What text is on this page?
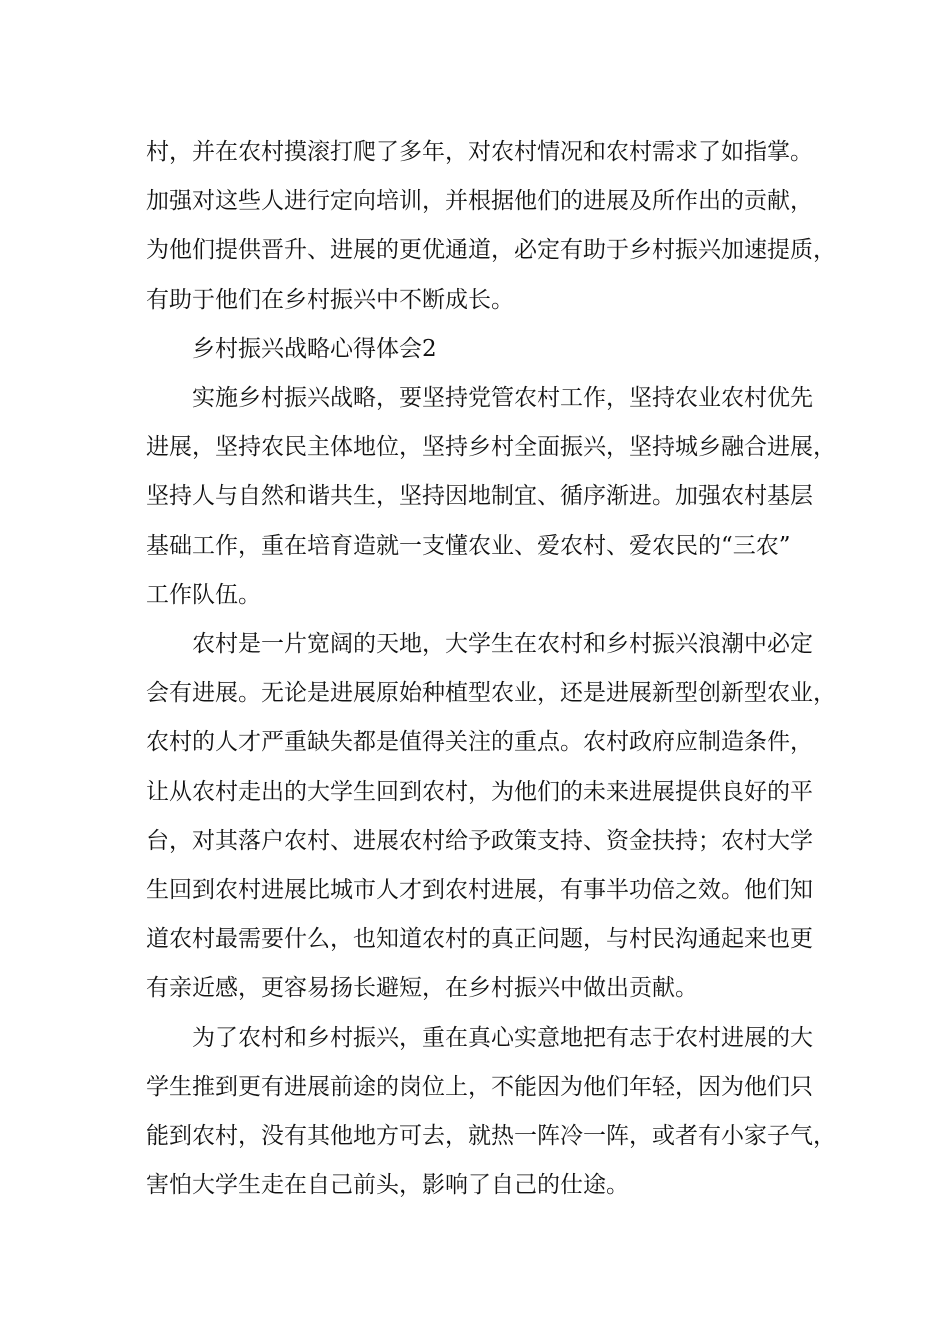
村，并在农村摸滚打爬了多年，对农村情况和农村需求了如指掌。
加强对这些人进行定向培训，并根据他们的进展及所作出的贡献，
为他们提供晋升、进展的更优通道，必定有助于乡村振兴加速提质，
有助于他们在乡村振兴中不断成长。

乡村振兴战略心得体会2

实施乡村振兴战略，要坚持党管农村工作，坚持农业农村优先
进展，坚持农民主体地位，坚持乡村全面振兴，坚持城乡融合进展，
坚持人与自然和谐共生，坚持因地制宜、循序渐进。加强农村基层
基础工作，重在培育造就一支懂农业、爱农村、爱农民的“三农”
工作队伍。

农村是一片宽阔的天地，大学生在农村和乡村振兴浪潮中必定
会有进展。无论是进展原始种植型农业，还是进展新型创新型农业，
农村的人才严重缺失都是值得关注的重点。农村政府应制造条件，
让从农村走出的大学生回到农村，为他们的未来进展提供良好的平
台，对其落户农村、进展农村给予政策支持、资金扶持；农村大学
生回到农村进展比城市人才到农村进展，有事半功倍之效。他们知
道农村最需要什么，也知道农村的真正问题，与村民沟通起来也更
有亲近感，更容易扬长避短，在乡村振兴中做出贡献。

为了农村和乡村振兴，重在真心实意地把有志于农村进展的大
学生推到更有进展前途的岗位上，不能因为他们年轻，因为他们只
能到农村，没有其他地方可去，就热一阵冷一阵，或者有小家子气，
害怕大学生走在自己前头，影响了自己的仕途。
